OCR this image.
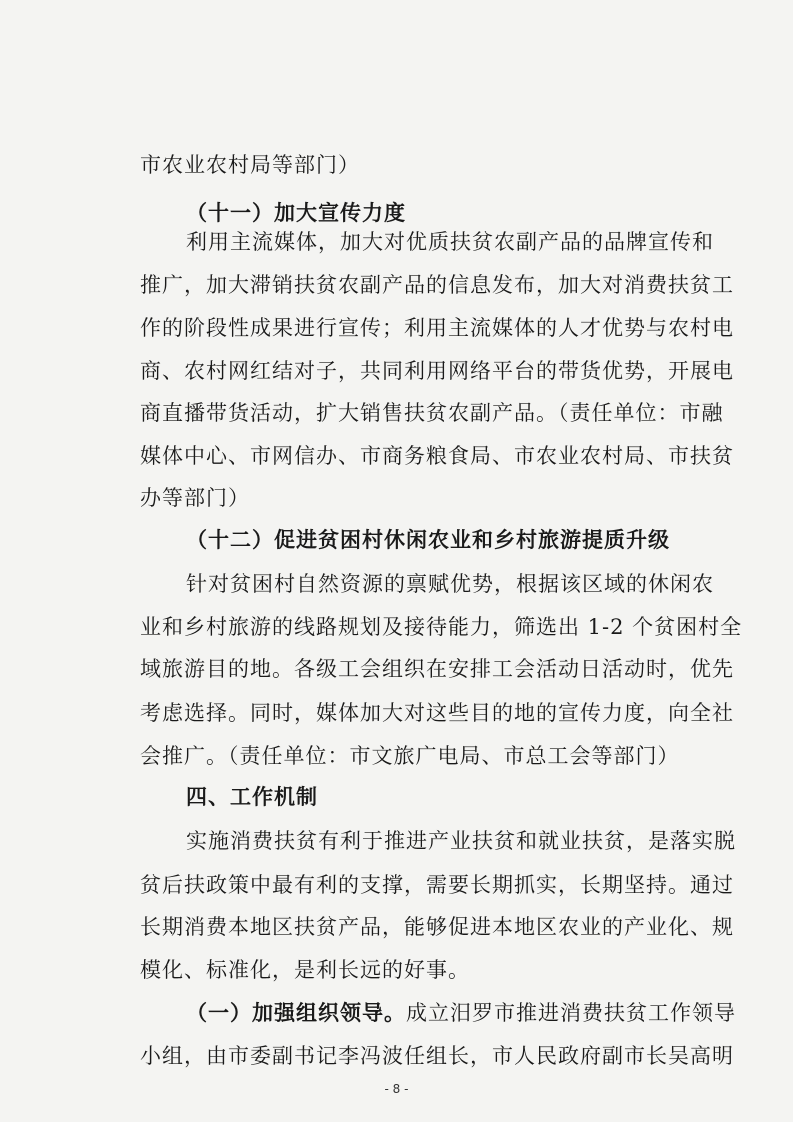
市农业农村局等部门）
（十一）加大宣传力度
利用主流媒体，加大对优质扶贫农副产品的品牌宣传和
推广，加大滞销扶贫农副产品的信息发布，加大对消费扶贫工
作的阶段性成果进行宣传；利用主流媒体的人才优势与农村电
商、农村网红结对子，共同利用网络平台的带货优势，开展电
商直播带货活动，扩大销售扶贫农副产品。（责任单位：市融
媒体中心、市网信办、市商务粮食局、市农业农村局、市扶贫
办等部门）
（十二）促进贫困村休闲农业和乡村旅游提质升级
针对贫困村自然资源的禀赋优势，根据该区域的休闲农
业和乡村旅游的线路规划及接待能力，筛选出 1-2 个贫困村全
域旅游目的地。各级工会组织在安排工会活动日活动时，优先
考虑选择。同时，媒体加大对这些目的地的宣传力度，向全社
会推广。（责任单位：市文旅广电局、市总工会等部门）
四、工作机制
实施消费扶贫有利于推进产业扶贫和就业扶贫，是落实脱
贫后扶政策中最有利的支撑，需要长期抓实，长期坚持。通过
长期消费本地区扶贫产品，能够促进本地区农业的产业化、规
模化、标准化，是利长远的好事。
（一）加强组织领导。成立汨罗市推进消费扶贫工作领导
小组，由市委副书记李冯波任组长，市人民政府副市长吴高明
- 8 -
